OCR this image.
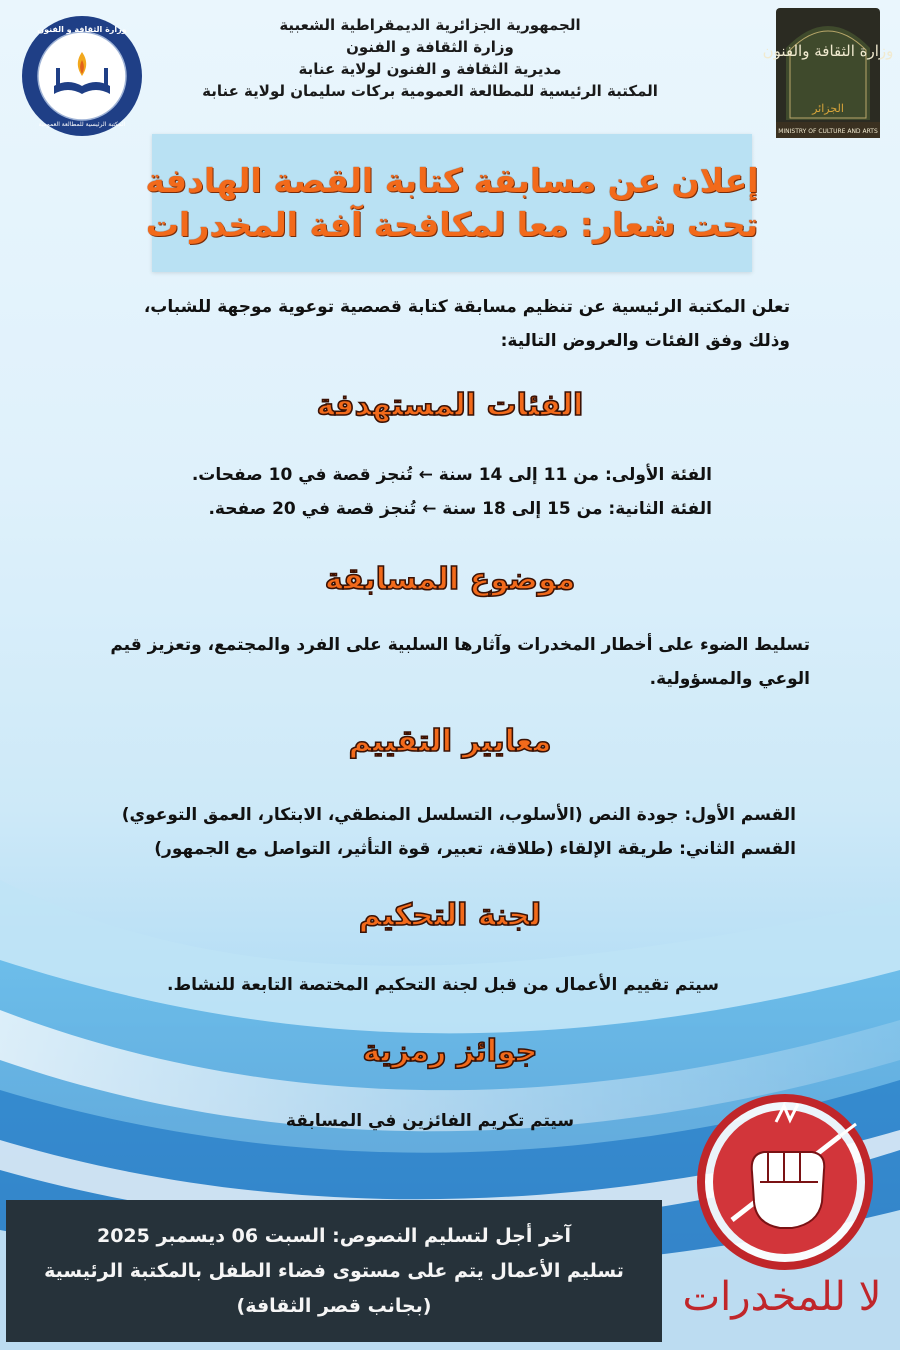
الجمهورية الجزائرية الديمقراطية الشعبية
وزارة الثقافة و الفنون
مديرية الثقافة و الفنون لولاية عنابة
المكتبة الرئيسية للمطالعة العمومية بركات سليمان لولاية عنابة
وزارة الثقافة و الفنون
المكتبة الرئيسية للمطالعة العمومية
وزارة الثقافة والفنون
الجزائر
MINISTRY OF CULTURE AND ARTS
إعلان عن مسابقة كتابة القصة الهادفة
تحت شعار: معا لمكافحة آفة المخدرات
تعلن المكتبة الرئيسية عن تنظيم مسابقة كتابة قصصية توعوية موجهة للشباب،
وذلك وفق الفئات والعروض التالية:
الفئات المستهدفة
الفئة الأولى: من 11 إلى 14 سنة ← تُنجز قصة في 10 صفحات.
الفئة الثانية: من 15 إلى 18 سنة ← تُنجز قصة في 20 صفحة.
موضوع المسابقة
تسليط الضوء على أخطار المخدرات وآثارها السلبية على الفرد والمجتمع، وتعزيز قيم
الوعي والمسؤولية.
معايير التقييم
القسم الأول: جودة النص (الأسلوب، التسلسل المنطقي، الابتكار، العمق التوعوي)
القسم الثاني: طريقة الإلقاء (طلاقة، تعبير، قوة التأثير، التواصل مع الجمهور)
لجنة التحكيم
سيتم تقييم الأعمال من قبل لجنة التحكيم المختصة التابعة للنشاط.
جوائز رمزية
سيتم تكريم الفائزين في المسابقة
لا للمخدرات
آخر أجل لتسليم النصوص: السبت 06 ديسمبر 2025
تسليم الأعمال يتم على مستوى فضاء الطفل بالمكتبة الرئيسية
(بجانب قصر الثقافة)
